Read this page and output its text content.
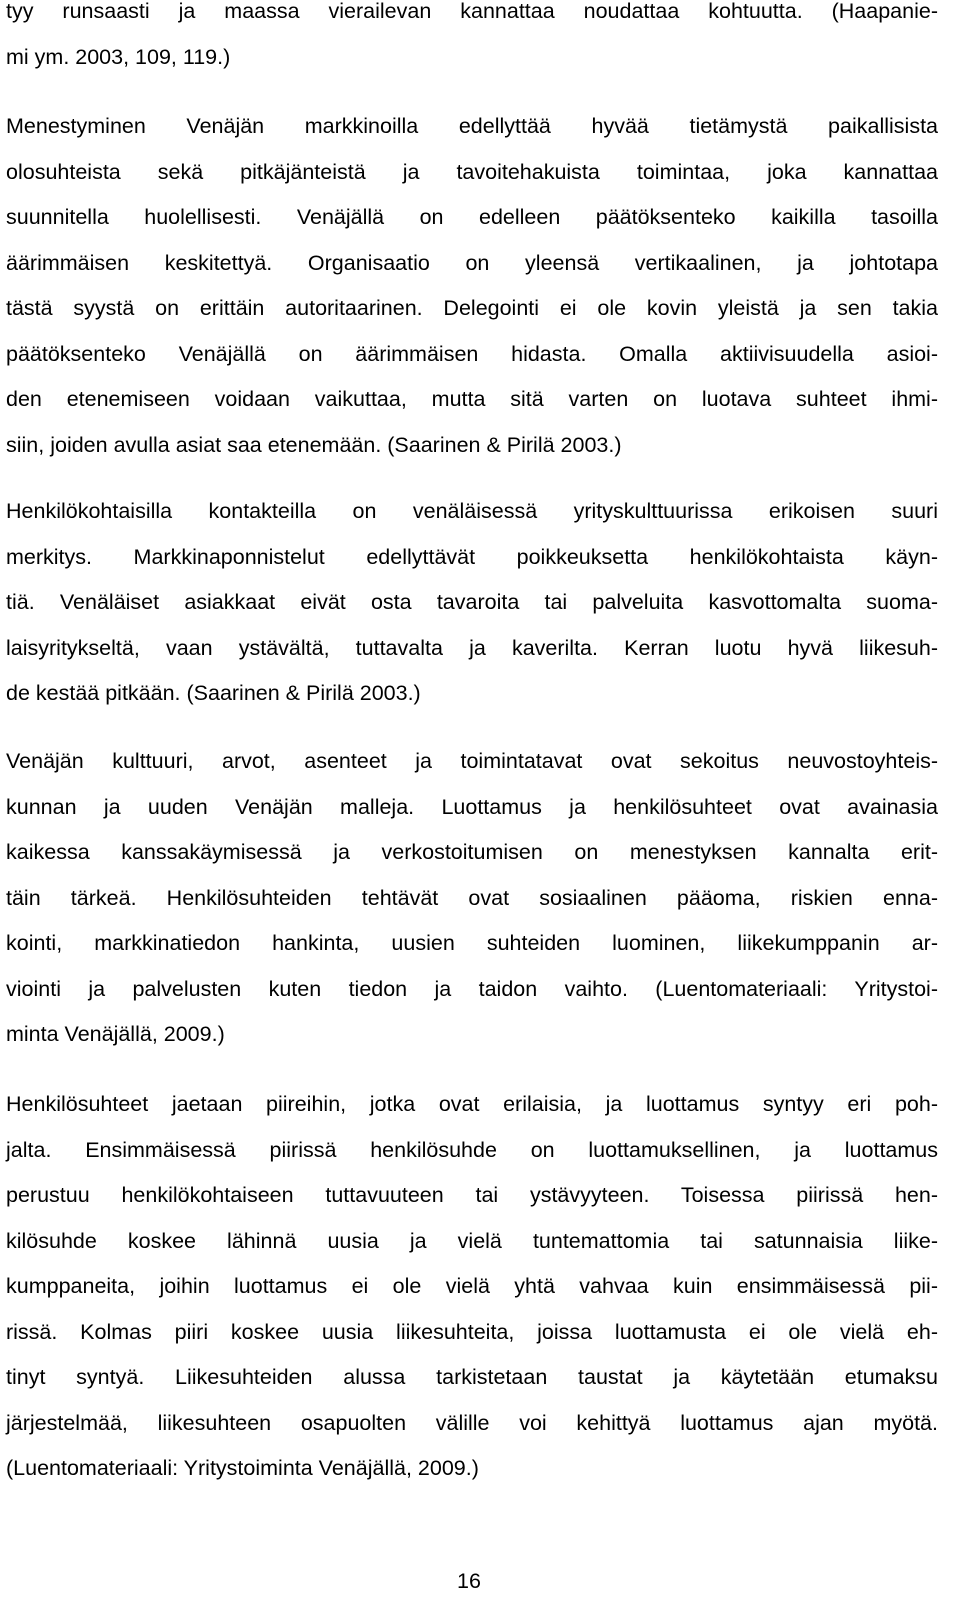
tyy runsaasti ja maassa vierailevan kannattaa noudattaa kohtuutta. (Haapanie-
mi ym. 2003, 109, 119.)
Menestyminen Venäjän markkinoilla edellyttää hyvää tietämystä paikallisista
olosuhteista sekä pitkäjänteistä ja tavoitehakuista toimintaa, joka kannattaa
suunnitella huolellisesti. Venäjällä on edelleen päätöksenteko kaikilla tasoilla
äärimmäisen keskitettyä. Organisaatio on yleensä vertikaalinen, ja johtotapa
tästä syystä on erittäin autoritaarinen. Delegointi ei ole kovin yleistä ja sen takia
päätöksenteko Venäjällä on äärimmäisen hidasta. Omalla aktiivisuudella asioi-
den etenemiseen voidaan vaikuttaa, mutta sitä varten on luotava suhteet ihmi-
siin, joiden avulla asiat saa etenemään. (Saarinen & Pirilä 2003.)
Henkilökohtaisilla kontakteilla on venäläisessä yrityskulttuurissa erikoisen suuri
merkitys. Markkinaponnistelut edellyttävät poikkeuksetta henkilökohtaista käyn-
tiä. Venäläiset asiakkaat eivät osta tavaroita tai palveluita kasvottomalta suoma-
laisyritykseltä, vaan ystävältä, tuttavalta ja kaverilta. Kerran luotu hyvä liikesuh-
de kestää pitkään. (Saarinen & Pirilä 2003.)
Venäjän kulttuuri, arvot, asenteet ja toimintatavat ovat sekoitus neuvostoyhteis-
kunnan ja uuden Venäjän malleja. Luottamus ja henkilösuhteet ovat avainasia
kaikessa kanssakäymisessä ja verkostoitumisen on menestyksen kannalta erit-
täin tärkeä. Henkilösuhteiden tehtävät ovat sosiaalinen pääoma, riskien enna-
kointi, markkinatiedon hankinta, uusien suhteiden luominen, liikekumppanin ar-
viointi ja palvelusten kuten tiedon ja taidon vaihto. (Luentomateriaali: Yritystoi-
minta Venäjällä, 2009.)
Henkilösuhteet jaetaan piireihin, jotka ovat erilaisia, ja luottamus syntyy eri poh-
jalta. Ensimmäisessä piirissä henkilösuhde on luottamuksellinen, ja luottamus
perustuu henkilökohtaiseen tuttavuuteen tai ystävyyteen. Toisessa piirissä hen-
kilösuhde koskee lähinnä uusia ja vielä tuntemattomia tai satunnaisia liike-
kumppaneita, joihin luottamus ei ole vielä yhtä vahvaa kuin ensimmäisessä pii-
rissä. Kolmas piiri koskee uusia liikesuhteita, joissa luottamusta ei ole vielä eh-
tinyt syntyä. Liikesuhteiden alussa tarkistetaan taustat ja käytetään etumaksu
järjestelmää, liikesuhteen osapuolten välille voi kehittyä luottamus ajan myötä.
(Luentomateriaali: Yritystoiminta Venäjällä, 2009.)
16
